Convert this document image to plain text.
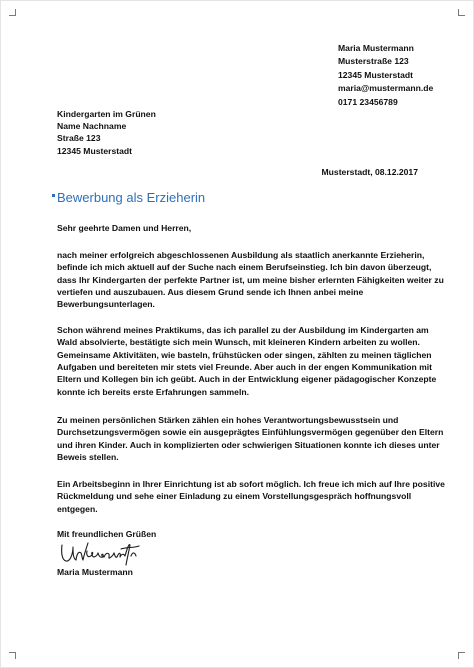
Maria Mustermann
Musterstraße 123
12345 Musterstadt
maria@mustermann.de
0171 23456789
Kindergarten im Grünen
Name Nachname
Straße 123
12345 Musterstadt
Musterstadt, 08.12.2017
Bewerbung als Erzieherin
Sehr geehrte Damen und Herren,
nach meiner erfolgreich abgeschlossenen Ausbildung als staatlich anerkannte Erzieherin,
befinde ich mich aktuell auf der Suche nach einem Berufseinstieg. Ich bin davon überzeugt,
dass Ihr Kindergarten der perfekte Partner ist, um meine bisher erlernten Fähigkeiten weiter zu
vertiefen und auszubauen. Aus diesem Grund sende ich Ihnen anbei meine
Bewerbungsunterlagen.
Schon während meines Praktikums, das ich parallel zu der Ausbildung im Kindergarten am
Wald absolvierte, bestätigte sich mein Wunsch, mit kleineren Kindern arbeiten zu wollen.
Gemeinsame Aktivitäten, wie basteln, frühstücken oder singen, zählten zu meinen täglichen
Aufgaben und bereiteten mir stets viel Freunde. Aber auch in der engen Kommunikation mit
Eltern und Kollegen bin ich geübt. Auch in der Entwicklung eigener pädagogischer Konzepte
konnte ich bereits erste Erfahrungen sammeln.
Zu meinen persönlichen Stärken zählen ein hohes Verantwortungsbewusstsein und
Durchsetzungsvermögen sowie ein ausgeprägtes Einfühlungsvermögen gegenüber den Eltern
und ihren Kinder. Auch in komplizierten oder schwierigen Situationen konnte ich dieses unter
Beweis stellen.
Ein Arbeitsbeginn in Ihrer Einrichtung ist ab sofort möglich. Ich freue ich mich auf Ihre positive
Rückmeldung und sehe einer Einladung zu einem Vorstellungsgespräch hoffnungsvoll
entgegen.
Mit freundlichen Grüßen
Maria Mustermann
